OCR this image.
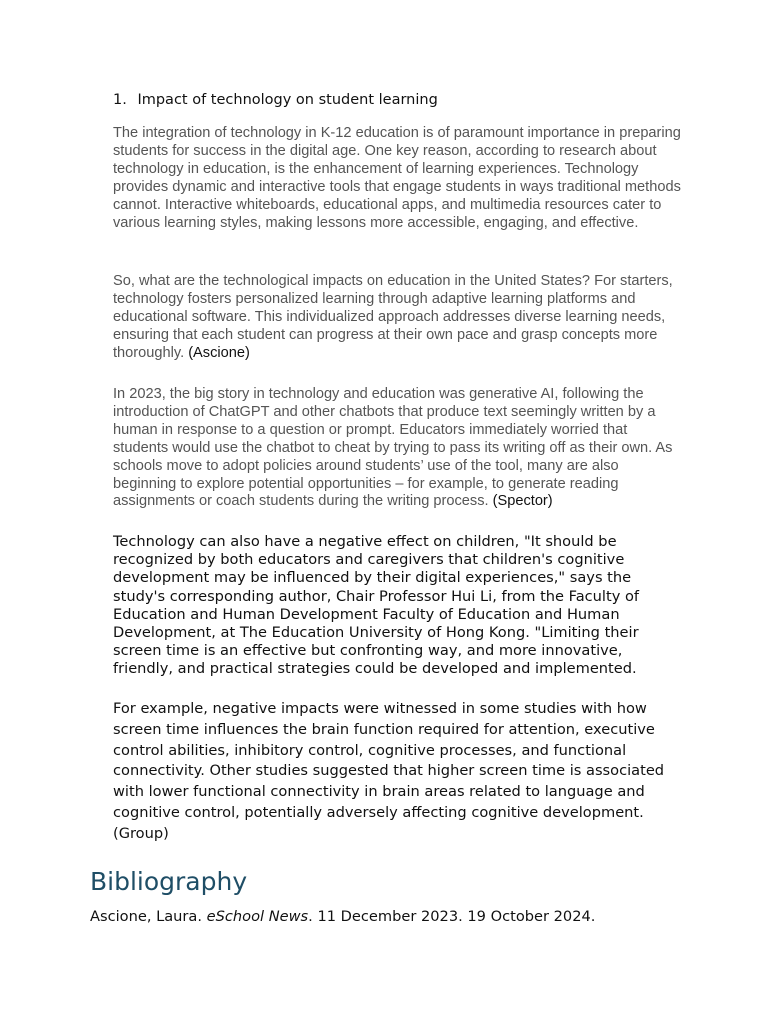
1. Impact of technology on student learning

The integration of technology in K-12 education is of paramount importance in preparing students for success in the digital age. One key reason, according to research about technology in education, is the enhancement of learning experiences. Technology provides dynamic and interactive tools that engage students in ways traditional methods cannot. Interactive whiteboards, educational apps, and multimedia resources cater to various learning styles, making lessons more accessible, engaging, and effective.

So, what are the technological impacts on education in the United States? For starters, technology fosters personalized learning through adaptive learning platforms and educational software. This individualized approach addresses diverse learning needs, ensuring that each student can progress at their own pace and grasp concepts more thoroughly. (Ascione)

In 2023, the big story in technology and education was generative AI, following the introduction of ChatGPT and other chatbots that produce text seemingly written by a human in response to a question or prompt. Educators immediately worried that students would use the chatbot to cheat by trying to pass its writing off as their own. As schools move to adopt policies around students’ use of the tool, many are also beginning to explore potential opportunities – for example, to generate reading assignments or coach students during the writing process. (Spector)

Technology can also have a negative effect on children, "It should be recognized by both educators and caregivers that children's cognitive development may be influenced by their digital experiences," says the study's corresponding author, Chair Professor Hui Li, from the Faculty of Education and Human Development Faculty of Education and Human Development, at The Education University of Hong Kong. "Limiting their screen time is an effective but confronting way, and more innovative, friendly, and practical strategies could be developed and implemented.

For example, negative impacts were witnessed in some studies with how screen time influences the brain function required for attention, executive control abilities, inhibitory control, cognitive processes, and functional connectivity. Other studies suggested that higher screen time is associated with lower functional connectivity in brain areas related to language and cognitive control, potentially adversely affecting cognitive development. (Group)

Bibliography

Ascione, Laura. eSchool News. 11 December 2023. 19 October 2024.
